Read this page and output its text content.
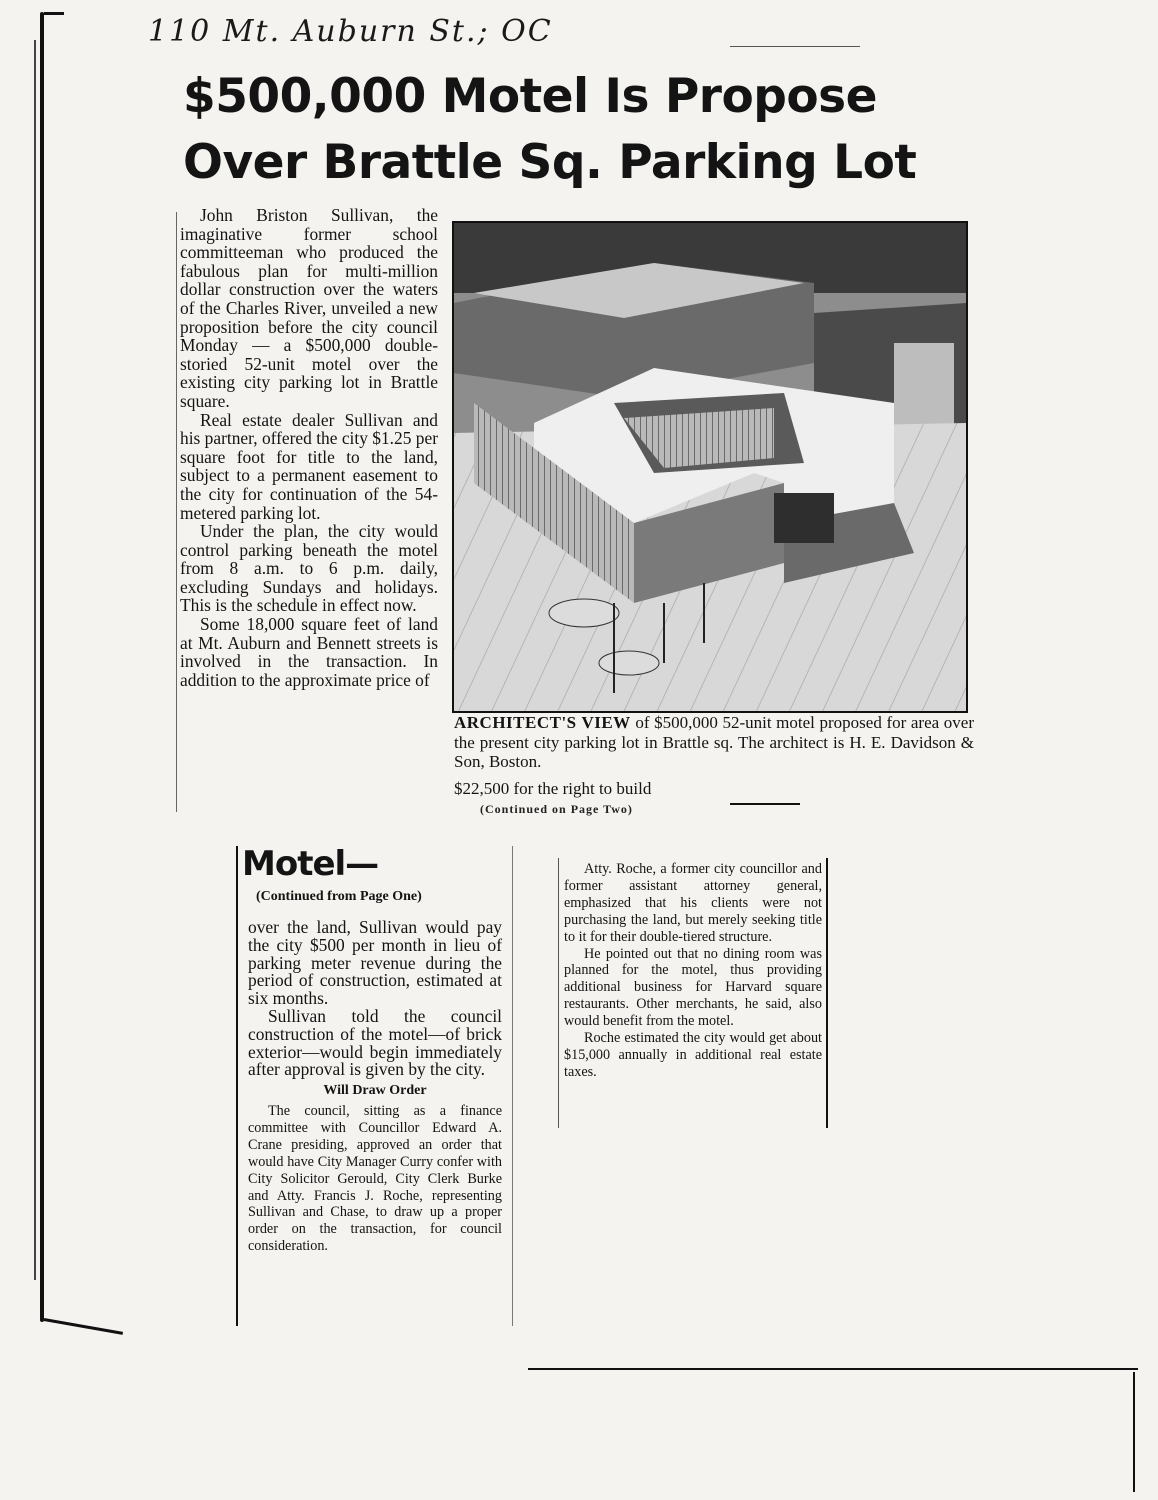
110 Mt. Auburn St.; OC
$500,000 Motel Is Propose
Over Brattle Sq. Parking Lot

John Briston Sullivan, the imaginative former school committeeman who produced the fabulous plan for multi-million dollar construction over the waters of the Charles River, unveiled a new proposition before the city council Monday — a $500,000 double-storied 52-unit motel over the existing city parking lot in Brattle square.

Real estate dealer Sullivan and his partner, offered the city $1.25 per square foot for title to the land, subject to a permanent easement to the city for continuation of the 54-metered parking lot.

Under the plan, the city would control parking beneath the motel from 8 a.m. to 6 p.m. daily, excluding Sundays and holidays. This is the schedule in effect now.

Some 18,000 square feet of land at Mt. Auburn and Bennett streets is involved in the transaction. In addition to the approximate price of

ARCHITECT'S VIEW of $500,000 52-unit motel proposed for area over the present city parking lot in Brattle sq. The architect is H. E. Davidson & Son, Boston.
$22,500 for the right to build
(Continued on Page Two)
Motel—
(Continued from Page One)

over the land, Sullivan would pay the city $500 per month in lieu of parking meter revenue during the period of construction, estimated at six months.

Sullivan told the council construction of the motel—of brick exterior—would begin immediately after approval is given by the city.

Will Draw Order

The council, sitting as a finance committee with Councillor Edward A. Crane presiding, approved an order that would have City Manager Curry confer with City Solicitor Gerould, City Clerk Burke and Atty. Francis J. Roche, representing Sullivan and Chase, to draw up a proper order on the transaction, for council consideration.

Atty. Roche, a former city councillor and former assistant attorney general, emphasized that his clients were not purchasing the land, but merely seeking title to it for their double-tiered structure.

He pointed out that no dining room was planned for the motel, thus providing additional business for Harvard square restaurants. Other merchants, he said, also would benefit from the motel.

Roche estimated the city would get about $15,000 annually in additional real estate taxes.
